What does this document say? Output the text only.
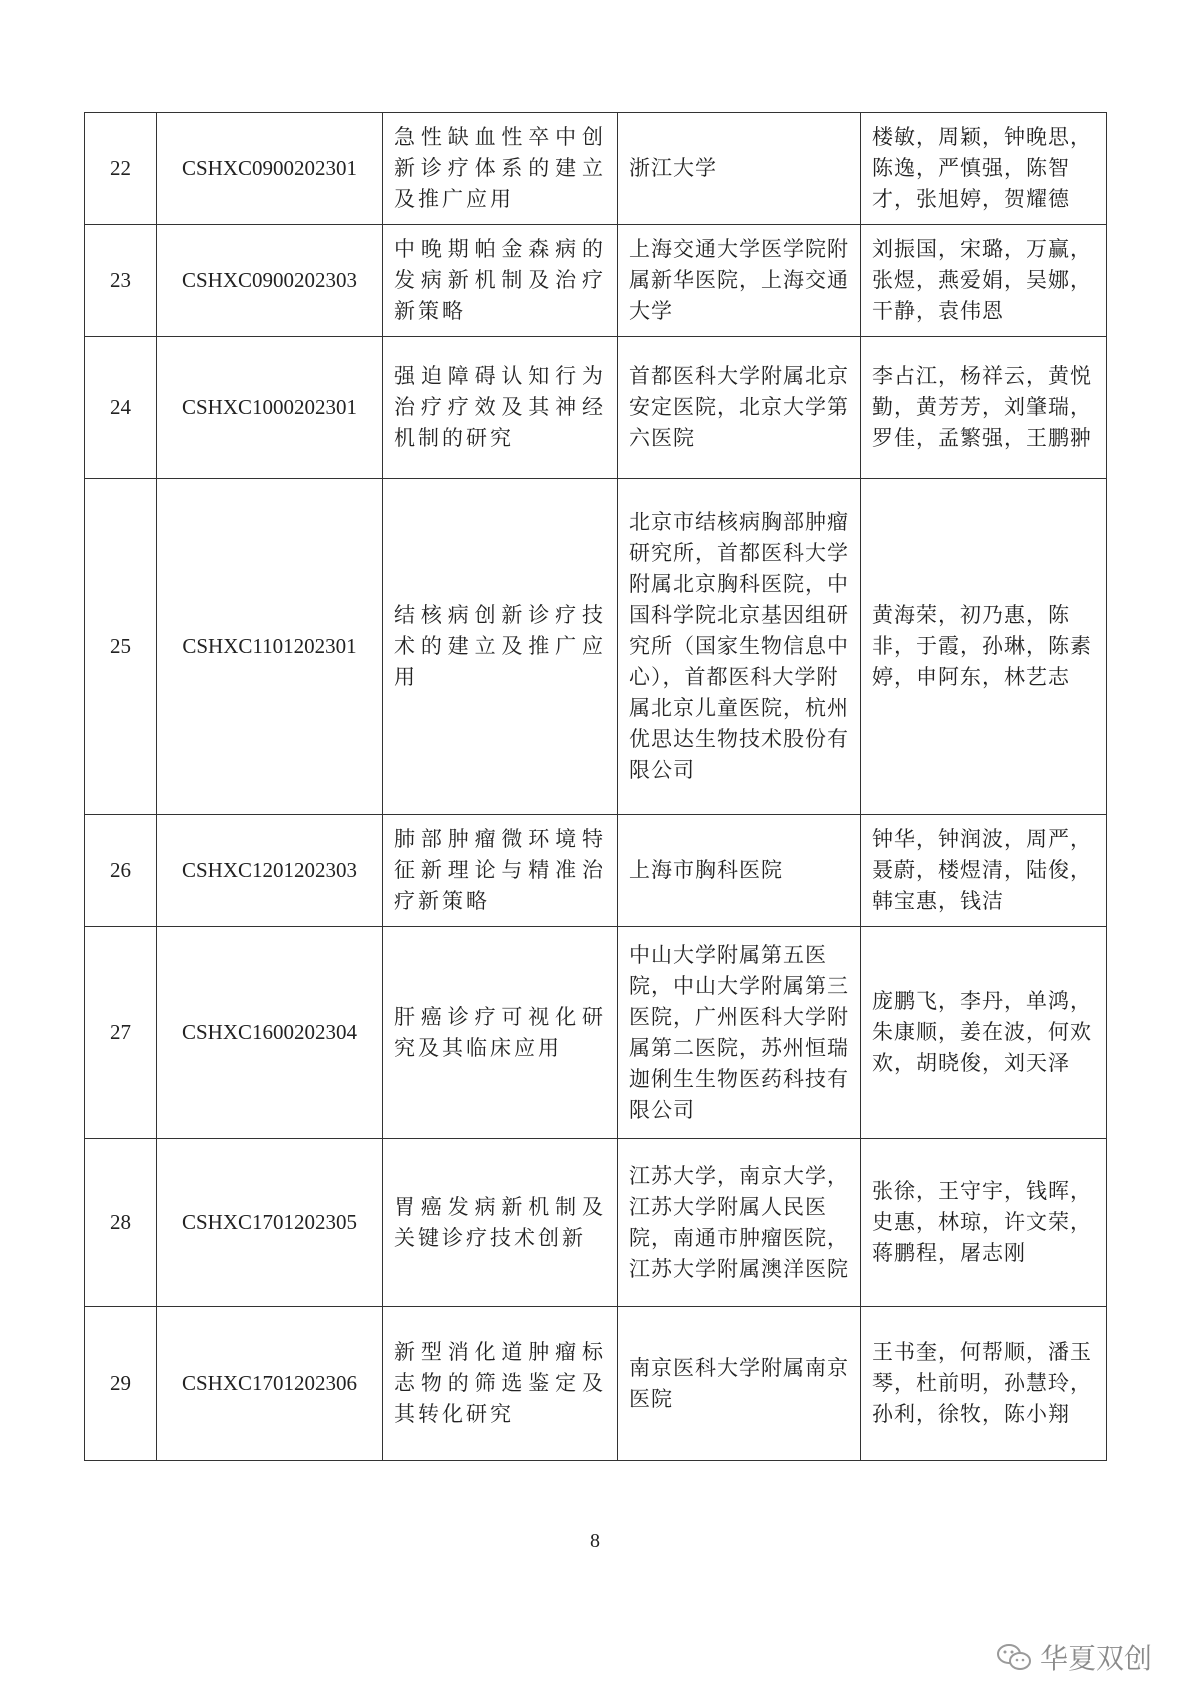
22	CSHXC0900202301	急性缺血性卒中创新诊疗体系的建立及推广应用	浙江大学	楼敏，周颖，钟晚思，陈逸，严慎强，陈智才，张旭婷，贺耀德
23	CSHXC0900202303	中晚期帕金森病的发病新机制及治疗新策略	上海交通大学医学院附属新华医院，上海交通大学	刘振国，宋璐，万赢，张煜，燕爱娟，吴娜，干静，袁伟恩
24	CSHXC1000202301	强迫障碍认知行为治疗疗效及其神经机制的研究	首都医科大学附属北京安定医院，北京大学第六医院	李占江，杨祥云，黄悦勤，黄芳芳，刘肇瑞，罗佳，孟繁强，王鹏翀
25	CSHXC1101202301	结核病创新诊疗技术的建立及推广应用	北京市结核病胸部肿瘤研究所，首都医科大学附属北京胸科医院，中国科学院北京基因组研究所（国家生物信息中心），首都医科大学附属北京儿童医院，杭州优思达生物技术股份有限公司	黄海荣，初乃惠，陈非，于霞，孙琳，陈素婷，申阿东，林艺志
26	CSHXC1201202303	肺部肿瘤微环境特征新理论与精准治疗新策略	上海市胸科医院	钟华，钟润波，周严，聂蔚，楼煜清，陆俊，韩宝惠，钱洁
27	CSHXC1600202304	肝癌诊疗可视化研究及其临床应用	中山大学附属第五医院，中山大学附属第三医院，广州医科大学附属第二医院，苏州恒瑞迦俐生生物医药科技有限公司	庞鹏飞，李丹，单鸿，朱康顺，姜在波，何欢欢，胡晓俊，刘天泽
28	CSHXC1701202305	胃癌发病新机制及关键诊疗技术创新	江苏大学，南京大学，江苏大学附属人民医院，南通市肿瘤医院，江苏大学附属澳洋医院	张徐，王守宇，钱晖，史惠，林琼，许文荣，蒋鹏程，屠志刚
29	CSHXC1701202306	新型消化道肿瘤标志物的筛选鉴定及其转化研究	南京医科大学附属南京医院	王书奎，何帮顺，潘玉琴，杜前明，孙慧玲，孙利，徐牧，陈小翔
8
华夏双创
